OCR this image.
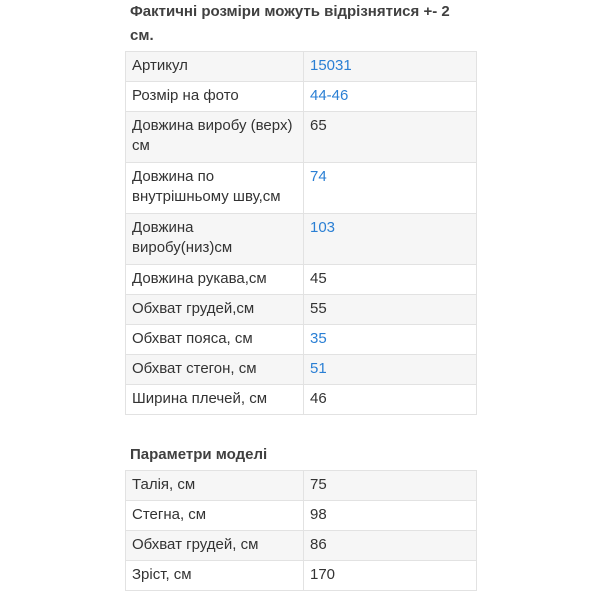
Фактичні розміри можуть відрізнятися +- 2 см.
Артикул	15031
Розмір на фото	44-46
Довжина виробу (верх) см	65
Довжина по внутрішньому шву,см	74
Довжина виробу(низ)см	103
Довжина рукава,см	45
Обхват грудей,см	55
Обхват пояса, см	35
Обхват стегон, см	51
Ширина плечей, см	46
Параметри моделі
Талія, см	75
Стегна, см	98
Обхват грудей, см	86
Зріст, см	170
